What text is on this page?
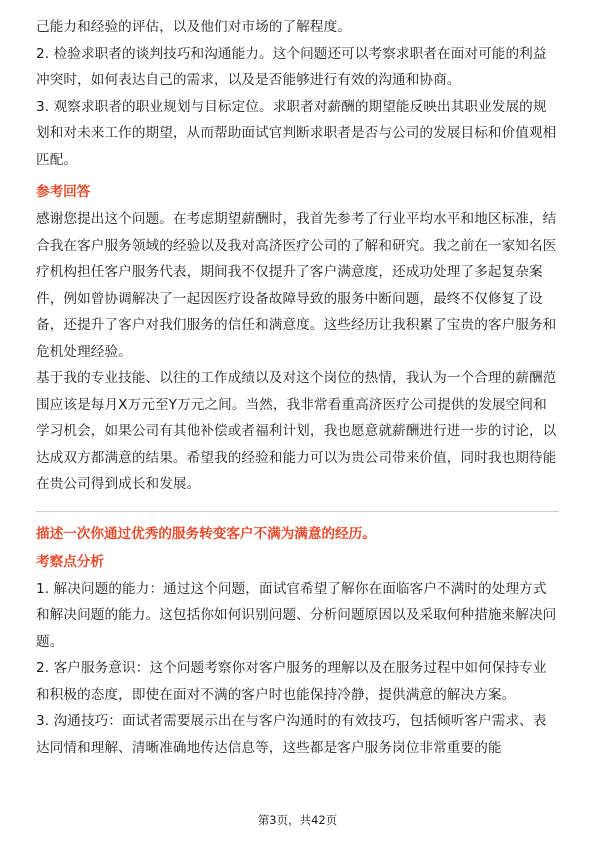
己能力和经验的评估，以及他们对市场的了解程度。

2. 检验求职者的谈判技巧和沟通能力。这个问题还可以考察求职者在面对可能的利益冲突时，如何表达自己的需求，以及是否能够进行有效的沟通和协商。

3. 观察求职者的职业规划与目标定位。求职者对薪酬的期望能反映出其职业发展的规划和对未来工作的期望，从而帮助面试官判断求职者是否与公司的发展目标和价值观相匹配。

参考回答

感谢您提出这个问题。在考虑期望薪酬时，我首先参考了行业平均水平和地区标准，结合我在客户服务领域的经验以及我对高济医疗公司的了解和研究。我之前在一家知名医疗机构担任客户服务代表，期间我不仅提升了客户满意度，还成功处理了多起复杂案件，例如曾协调解决了一起因医疗设备故障导致的服务中断问题，最终不仅修复了设备，还提升了客户对我们服务的信任和满意度。这些经历让我积累了宝贵的客户服务和危机处理经验。

基于我的专业技能、以往的工作成绩以及对这个岗位的热情，我认为一个合理的薪酬范围应该是每月X万元至Y万元之间。当然，我非常看重高济医疗公司提供的发展空间和学习机会，如果公司有其他补偿或者福利计划，我也愿意就薪酬进行进一步的讨论，以达成双方都满意的结果。希望我的经验和能力可以为贵公司带来价值，同时我也期待能在贵公司得到成长和发展。

描述一次你通过优秀的服务转变客户不满为满意的经历。
考察点分析

1. 解决问题的能力：通过这个问题，面试官希望了解你在面临客户不满时的处理方式和解决问题的能力。这包括你如何识别问题、分析问题原因以及采取何种措施来解决问题。

2. 客户服务意识：这个问题考察你对客户服务的理解以及在服务过程中如何保持专业和积极的态度，即使在面对不满的客户时也能保持冷静，提供满意的解决方案。

3. 沟通技巧：面试者需要展示出在与客户沟通时的有效技巧，包括倾听客户需求、表达同情和理解、清晰准确地传达信息等，这些都是客户服务岗位非常重要的能

第3页，共42页
